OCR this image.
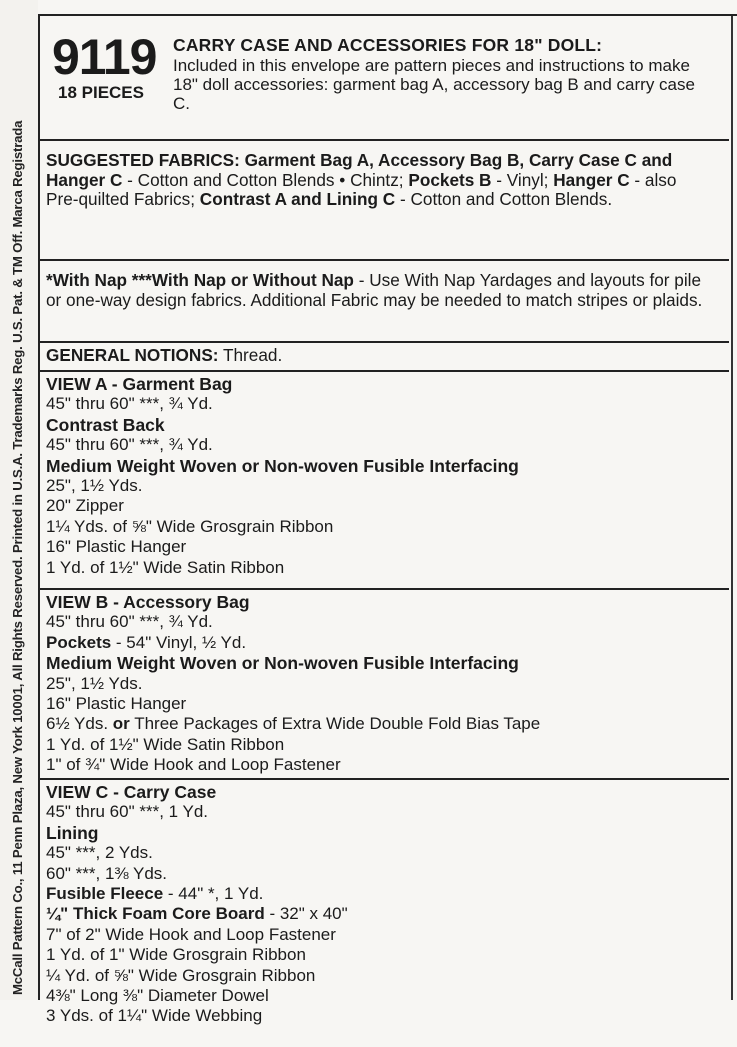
McCall Pattern Co., 11 Penn Plaza, New York 10001, All Rights Reserved. Printed in U.S.A. Trademarks Reg. U.S. Pat. & TM Off. Marca Registrada
9119
18 PIECES
CARRY CASE AND ACCESSORIES FOR 18" DOLL:
Included in this envelope are pattern pieces and instructions to make 18" doll accessories: garment bag A, accessory bag B and carry case C.
SUGGESTED FABRICS: Garment Bag A, Accessory Bag B, Carry Case C and Hanger C - Cotton and Cotton Blends • Chintz; Pockets B - Vinyl; Hanger C - also Pre-quilted Fabrics; Contrast A and Lining C - Cotton and Cotton Blends.
*With Nap ***With Nap or Without Nap - Use With Nap Yardages and layouts for pile or one-way design fabrics. Additional Fabric may be needed to match stripes or plaids.
GENERAL NOTIONS: Thread.
VIEW A - Garment Bag
45" thru 60" ***, ¾ Yd.
Contrast Back
45" thru 60" ***, ¾ Yd.
Medium Weight Woven or Non-woven Fusible Interfacing
25", 1½ Yds.
20" Zipper
1¼ Yds. of ⅝" Wide Grosgrain Ribbon
16" Plastic Hanger
1 Yd. of 1½" Wide Satin Ribbon
VIEW B - Accessory Bag
45" thru 60" ***, ¾ Yd.
Pockets - 54" Vinyl, ½ Yd.
Medium Weight Woven or Non-woven Fusible Interfacing
25", 1½ Yds.
16" Plastic Hanger
6½ Yds. or Three Packages of Extra Wide Double Fold Bias Tape
1 Yd. of 1½" Wide Satin Ribbon
1" of ¾" Wide Hook and Loop Fastener
VIEW C - Carry Case
45" thru 60" ***, 1 Yd.
Lining
45" ***, 2 Yds.
60" ***, 1⅜ Yds.
Fusible Fleece - 44" *, 1 Yd.
¼" Thick Foam Core Board - 32" x 40"
7" of 2" Wide Hook and Loop Fastener
1 Yd. of 1" Wide Grosgrain Ribbon
¼ Yd. of ⅝" Wide Grosgrain Ribbon
4⅜" Long ⅜" Diameter Dowel
3 Yds. of 1¼" Wide Webbing
